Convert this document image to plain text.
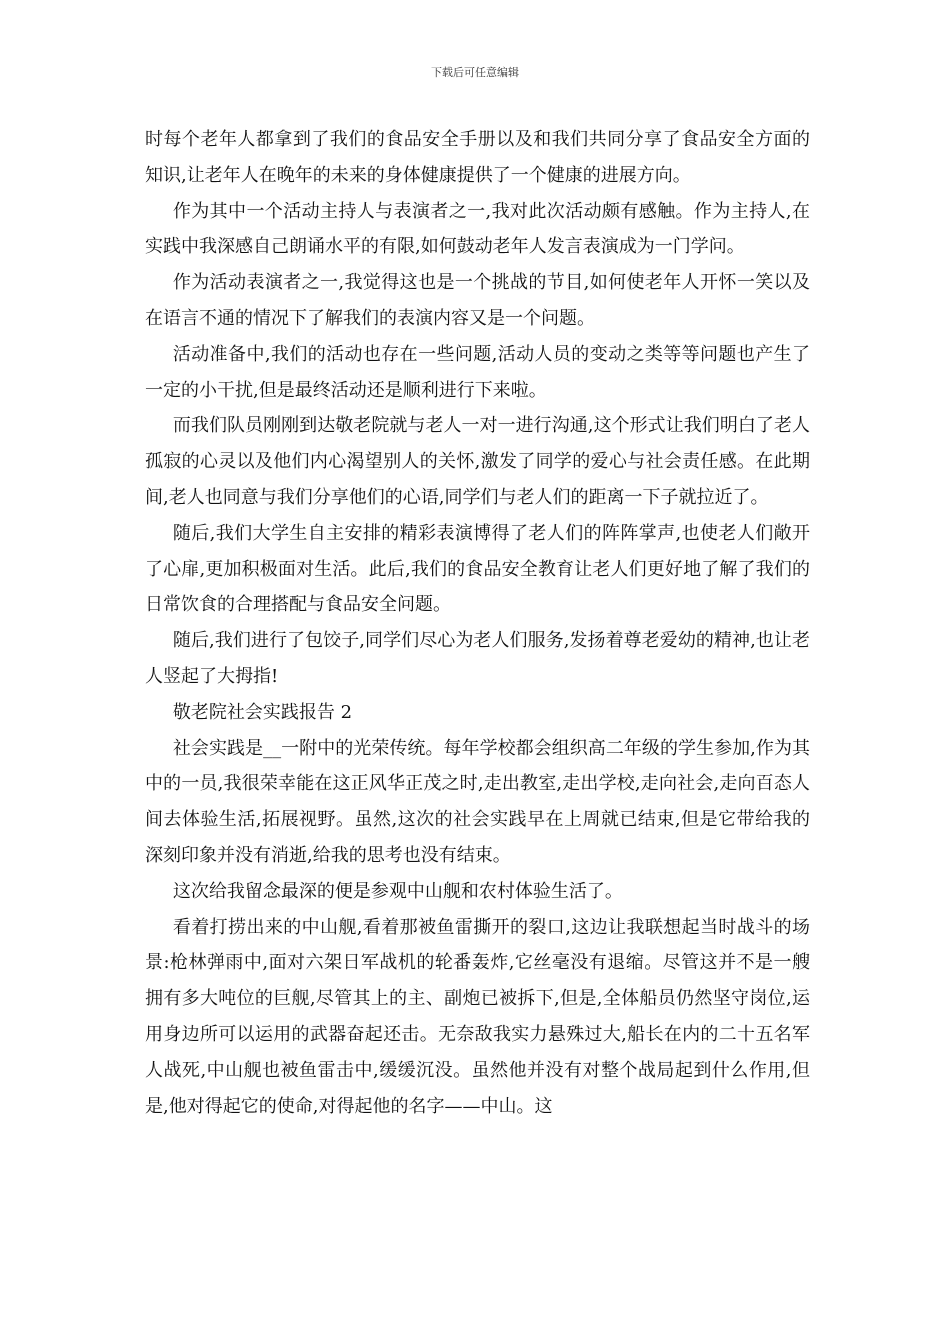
下载后可任意编辑

时每个老年人都拿到了我们的食品安全手册以及和我们共同分享了食品安全方面的知识,让老年人在晚年的未来的身体健康提供了一个健康的进展方向。

作为其中一个活动主持人与表演者之一,我对此次活动颇有感触。作为主持人,在实践中我深感自己朗诵水平的有限,如何鼓动老年人发言表演成为一门学问。

作为活动表演者之一,我觉得这也是一个挑战的节目,如何使老年人开怀一笑以及在语言不通的情况下了解我们的表演内容又是一个问题。

活动准备中,我们的活动也存在一些问题,活动人员的变动之类等等问题也产生了一定的小干扰,但是最终活动还是顺利进行下来啦。

而我们队员刚刚到达敬老院就与老人一对一进行沟通,这个形式让我们明白了老人孤寂的心灵以及他们内心渴望别人的关怀,激发了同学的爱心与社会责任感。在此期间,老人也同意与我们分享他们的心语,同学们与老人们的距离一下子就拉近了。

随后,我们大学生自主安排的精彩表演博得了老人们的阵阵掌声,也使老人们敞开了心扉,更加积极面对生活。此后,我们的食品安全教育让老人们更好地了解了我们的日常饮食的合理搭配与食品安全问题。

随后,我们进行了包饺子,同学们尽心为老人们服务,发扬着尊老爱幼的精神,也让老人竖起了大拇指!

敬老院社会实践报告 2

社会实践是__一附中的光荣传统。每年学校都会组织高二年级的学生参加,作为其中的一员,我很荣幸能在这正风华正茂之时,走出教室,走出学校,走向社会,走向百态人间去体验生活,拓展视野。虽然,这次的社会实践早在上周就已结束,但是它带给我的深刻印象并没有消逝,给我的思考也没有结束。

这次给我留念最深的便是参观中山舰和农村体验生活了。

看着打捞出来的中山舰,看着那被鱼雷撕开的裂口,这边让我联想起当时战斗的场景:枪林弹雨中,面对六架日军战机的轮番轰炸,它丝毫没有退缩。尽管这并不是一艘拥有多大吨位的巨舰,尽管其上的主、副炮已被拆下,但是,全体船员仍然坚守岗位,运用身边所可以运用的武器奋起还击。无奈敌我实力悬殊过大,船长在内的二十五名军人战死,中山舰也被鱼雷击中,缓缓沉没。虽然他并没有对整个战局起到什么作用,但是,他对得起它的使命,对得起他的名字——中山。这
